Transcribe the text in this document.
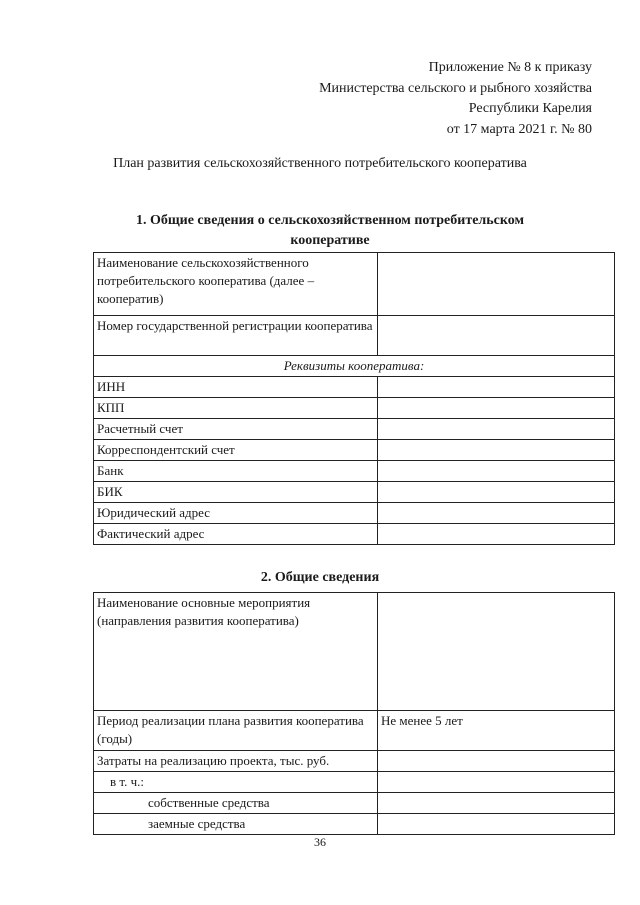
Приложение № 8 к приказу
Министерства сельского и рыбного хозяйства
Республики Карелия
от 17 марта 2021 г. № 80
План развития сельскохозяйственного потребительского кооператива
1. Общие сведения о сельскохозяйственном потребительском
кооперативе
Наименование сельскохозяйственного потребительского кооператива (далее – кооператив)	
Номер государственной регистрации кооператива	
Реквизиты кооператива:	
ИНН	
КПП	
Расчетный счет	
Корреспондентский счет	
Банк	
БИК	
Юридический адрес	
Фактический адрес	
2. Общие сведения
Наименование основные мероприятия (направления развития кооператива)	
Период реализации плана развития кооператива (годы)	Не менее 5 лет
Затраты на реализацию проекта, тыс. руб.	
в т. ч.:	
собственные средства	
заемные средства	
36
